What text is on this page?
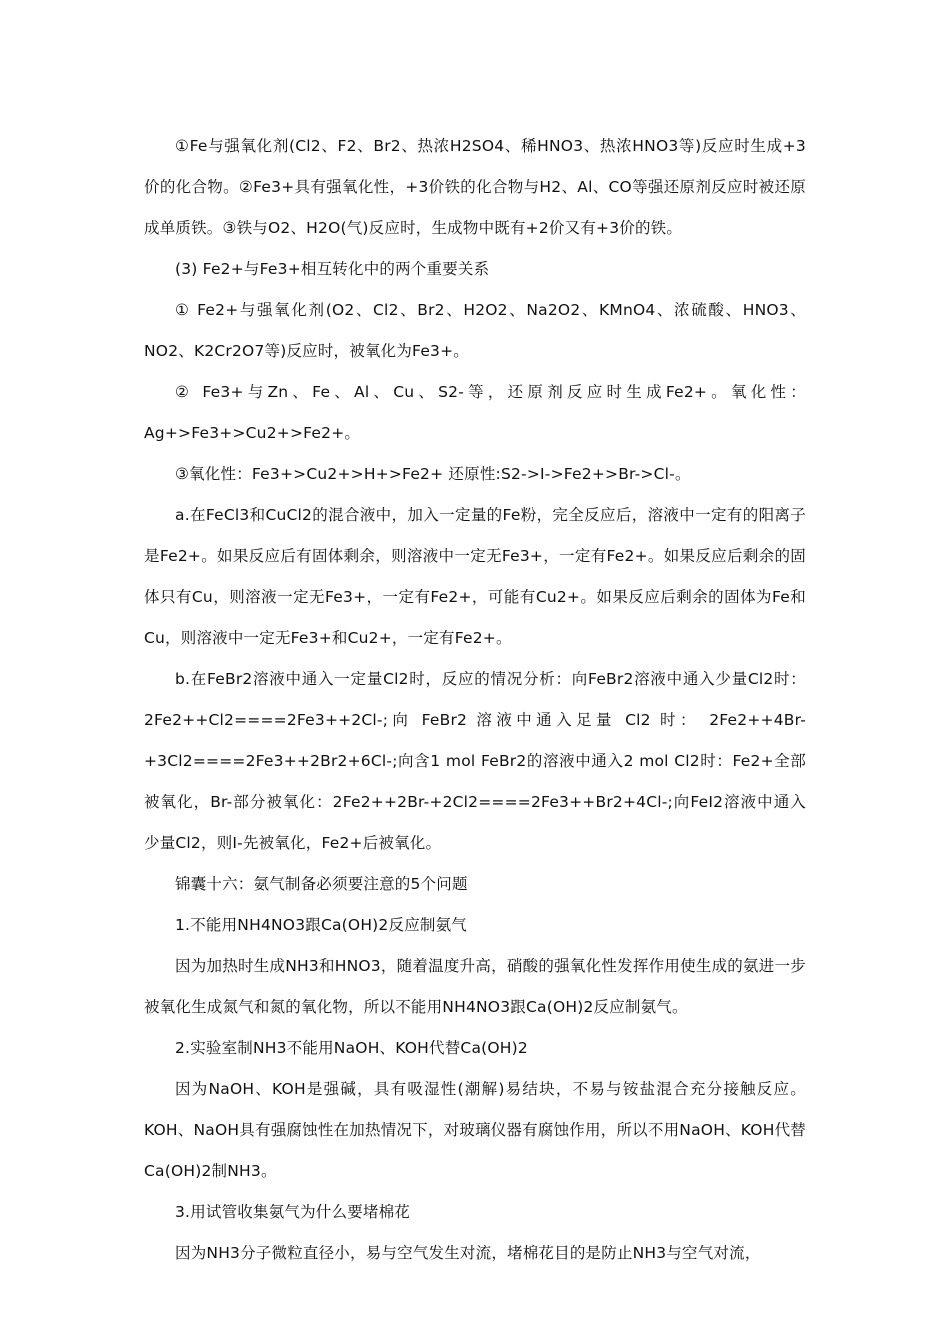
①Fe与强氧化剂(Cl2、F2、Br2、热浓H2SO4、稀HNO3、热浓HNO3等)反应时生成+3价的化合物。②Fe3+具有强氧化性，+3价铁的化合物与H2、Al、CO等强还原剂反应时被还原成单质铁。③铁与O2、H2O(气)反应时，生成物中既有+2价又有+3价的铁。

(3) Fe2+与Fe3+相互转化中的两个重要关系

① Fe2+与强氧化剂(O2、Cl2、Br2、H2O2、Na2O2、KMnO4、浓硫酸、HNO3、NO2、K2Cr2O7等)反应时，被氧化为Fe3+。

② Fe3+与Zn、Fe、Al、Cu、S2-等，还原剂反应时生成Fe2+。氧化性：Ag+>Fe3+>Cu2+>Fe2+。

③氧化性：Fe3+>Cu2+>H+>Fe2+ 还原性:S2->I->Fe2+>Br->Cl-。

a.在FeCl3和CuCl2的混合液中，加入一定量的Fe粉，完全反应后，溶液中一定有的阳离子是Fe2+。如果反应后有固体剩余，则溶液中一定无Fe3+，一定有Fe2+。如果反应后剩余的固体只有Cu，则溶液一定无Fe3+，一定有Fe2+，可能有Cu2+。如果反应后剩余的固体为Fe和Cu，则溶液中一定无Fe3+和Cu2+，一定有Fe2+。

b.在FeBr2溶液中通入一定量Cl2时，反应的情况分析：向FeBr2溶液中通入少量Cl2时： 2Fe2++Cl2====2Fe3++2Cl-;向 FeBr2 溶液中通入足量 Cl2 时： 2Fe2++4Br-+3Cl2====2Fe3++2Br2+6Cl-;向含1 mol FeBr2的溶液中通入2 mol Cl2时：Fe2+全部被氧化，Br-部分被氧化：2Fe2++2Br-+2Cl2====2Fe3++Br2+4Cl-;向FeI2溶液中通入少量Cl2，则I-先被氧化，Fe2+后被氧化。

锦囊十六：氨气制备必须要注意的5个问题

1.不能用NH4NO3跟Ca(OH)2反应制氨气

因为加热时生成NH3和HNO3，随着温度升高，硝酸的强氧化性发挥作用使生成的氨进一步被氧化生成氮气和氮的氧化物，所以不能用NH4NO3跟Ca(OH)2反应制氨气。

2.实验室制NH3不能用NaOH、KOH代替Ca(OH)2

因为NaOH、KOH是强碱，具有吸湿性(潮解)易结块，不易与铵盐混合充分接触反应。KOH、NaOH具有强腐蚀性在加热情况下，对玻璃仪器有腐蚀作用，所以不用NaOH、KOH代替Ca(OH)2制NH3。

3.用试管收集氨气为什么要堵棉花

因为NH3分子微粒直径小，易与空气发生对流，堵棉花目的是防止NH3与空气对流，
